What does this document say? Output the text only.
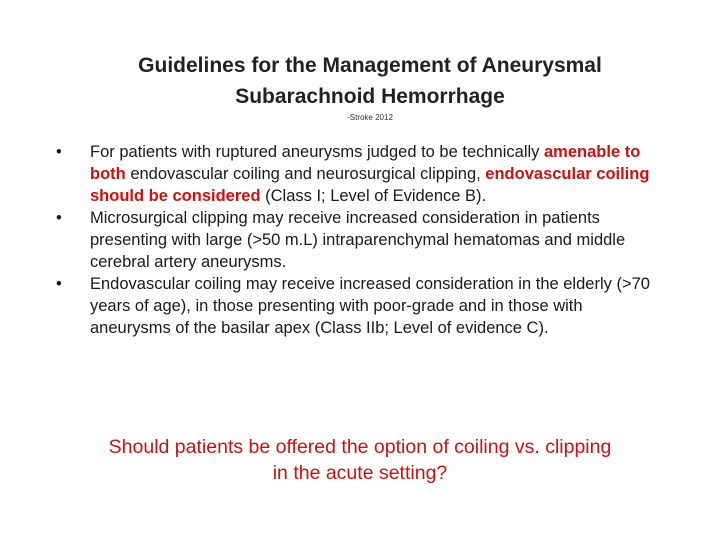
Guidelines for the Management of Aneurysmal
Subarachnoid Hemorrhage
-Stroke 2012
•	For patients with ruptured aneurysms judged to be technically amenable to both endovascular coiling and neurosurgical clipping, endovascular coiling should be considered (Class I; Level of Evidence B).
•	Microsurgical clipping may receive increased consideration in patients presenting with large (>50 m.L) intraparenchymal hematomas and middle cerebral artery aneurysms.
•	Endovascular coiling may receive increased consideration in the elderly (>70 years of age), in those presenting with poor-grade and in those with aneurysms of the basilar apex (Class IIb; Level of evidence C).
Should patients be offered the option of coiling vs. clipping
in the acute setting?
